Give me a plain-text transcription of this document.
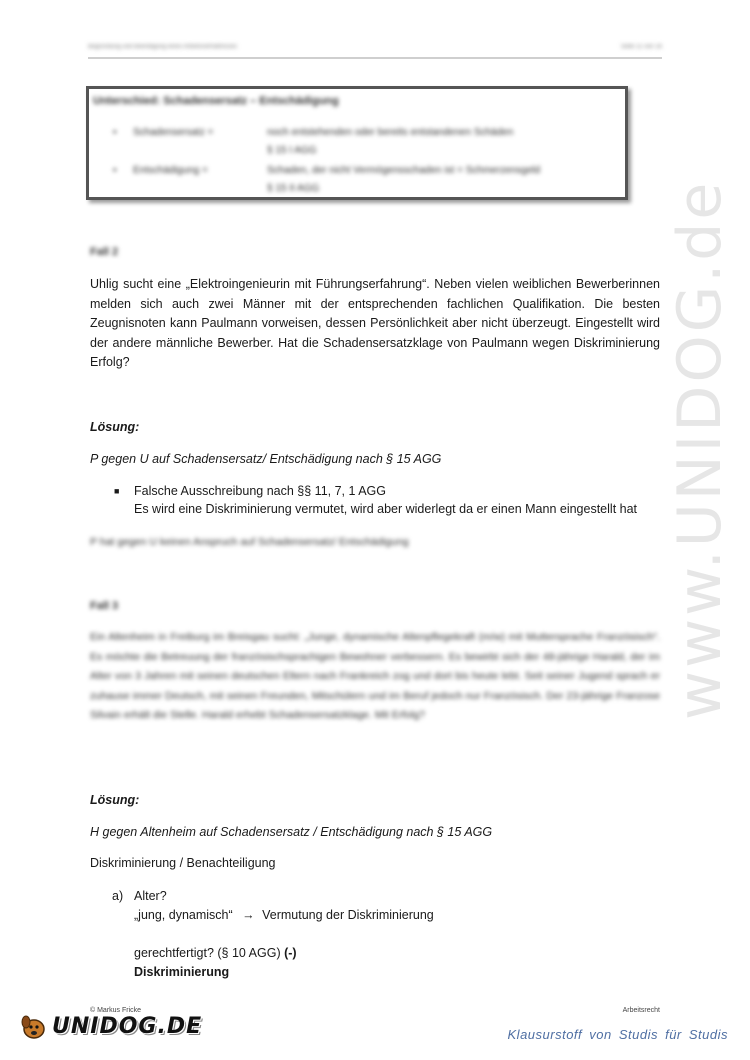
Begründung und Beendigung eines Arbeitsverhältnisses	Seite 11 von 16
Unterschied: Schadensersatz – Entschädigung
▪ Schadensersatz =	noch entstehenden oder bereits entstandenen Schäden
§ 15 I AGG
▪ Entschädigung =	Schaden, der nicht Vermögensschaden ist = Schmerzensgeld
§ 15 II AGG
Fall 2
Uhlig sucht eine „Elektroingenieurin mit Führungserfahrung“. Neben vielen weiblichen Bewerberinnen melden sich auch zwei Männer mit der entsprechenden fachlichen Qualifikation. Die besten Zeugnisnoten kann Paulmann vorweisen, dessen Persönlichkeit aber nicht überzeugt. Eingestellt wird der andere männliche Bewerber. Hat die Schadensersatzklage von Paulmann wegen Diskriminierung Erfolg?
Lösung:
P gegen U auf Schadensersatz/ Entschädigung nach § 15 AGG
■ Falsche Ausschreibung nach §§ 11, 7, 1 AGG
Es wird eine Diskriminierung vermutet, wird aber widerlegt da er einen Mann eingestellt hat
P hat gegen U keinen Anspruch auf Schadensersatz/ Entschädigung
Fall 3
Ein Altenheim in Freiburg im Breisgau sucht: „Junge, dynamische Altenpflegekraft (m/w) mit Muttersprache Französisch“. Es möchte die Betreuung der französischsprachigen Bewohner verbessern. Es bewirbt sich der 48-jährige Harald, der im Alter von 3 Jahren mit seinen deutschen Eltern nach Frankreich zog und dort bis heute lebt. Seit seiner Jugend sprach er zuhause immer Deutsch, mit seinen Freunden, Mitschülern und im Beruf jedoch nur Französisch. Der 23-jährige Franzose Silvain erhält die Stelle. Harald erhebt Schadensersatzklage. Mit Erfolg?
Lösung:
H gegen Altenheim auf Schadensersatz / Entschädigung nach § 15 AGG
Diskriminierung / Benachteiligung
a) Alter?
„jung, dynamisch“ → Vermutung der Diskriminierung
gerechtfertigt? (§ 10 AGG) (-)
Diskriminierung
www.UNIDOG.de
© Markus Fricke	Arbeitsrecht
UNIDOG.DE	Klausurstoff von Studis für Studis
